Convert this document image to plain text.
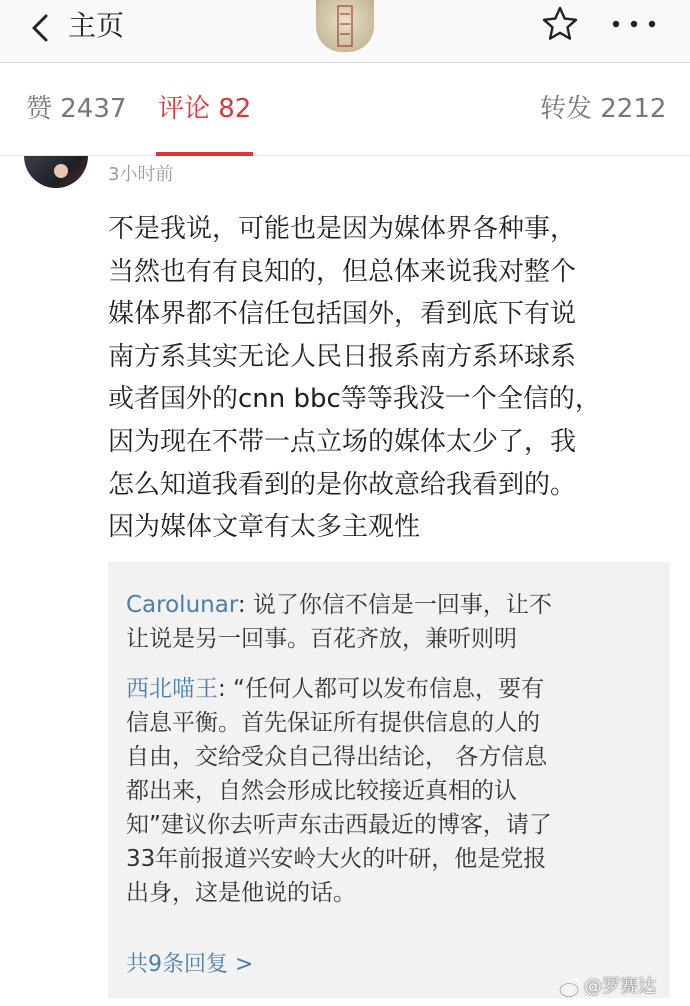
主页
赞 2437 评论 82	转发 2212
3小时前
不是我说，可能也是因为媒体界各种事，
当然也有有良知的，但总体来说我对整个
媒体界都不信任包括国外，看到底下有说
南方系其实无论人民日报系南方系环球系
或者国外的cnn bbc等等我没一个全信的，
因为现在不带一点立场的媒体太少了，我
怎么知道我看到的是你故意给我看到的。
因为媒体文章有太多主观性
Carolunar: 说了你信不信是一回事，让不
让说是另一回事。百花齐放，兼听则明
西北喵王: “任何人都可以发布信息，要有
信息平衡。首先保证所有提供信息的人的
自由，交给受众自己得出结论， 各方信息
都出来，自然会形成比较接近真相的认
知”建议你去听声东击西最近的博客，请了
33年前报道兴安岭大火的叶研，他是党报
出身，这是他说的话。
共9条回复 >
@罗赛达
